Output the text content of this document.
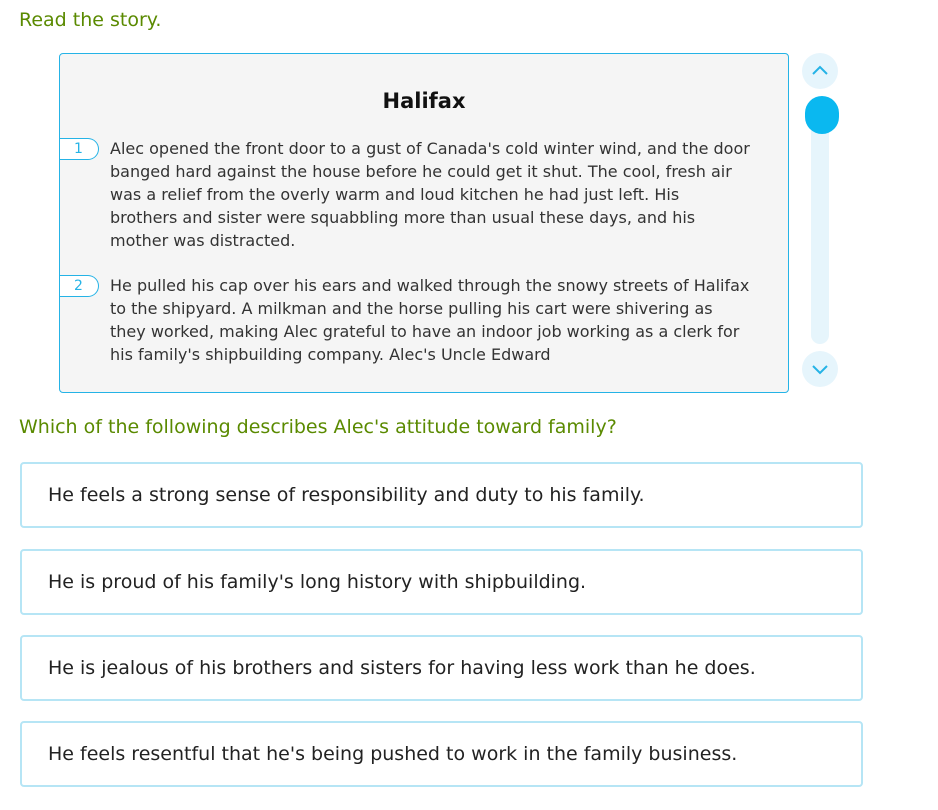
Read the story.
Halifax
1	Alec opened the front door to a gust of Canada's cold winter wind, and the door banged hard against the house before he could get it shut. The cool, fresh air was a relief from the overly warm and loud kitchen he had just left. His brothers and sister were squabbling more than usual these days, and his mother was distracted.
2	He pulled his cap over his ears and walked through the snowy streets of Halifax to the shipyard. A milkman and the horse pulling his cart were shivering as they worked, making Alec grateful to have an indoor job working as a clerk for his family's shipbuilding company. Alec's Uncle Edward
Which of the following describes Alec's attitude toward family?
He feels a strong sense of responsibility and duty to his family.
He is proud of his family's long history with shipbuilding.
He is jealous of his brothers and sisters for having less work than he does.
He feels resentful that he's being pushed to work in the family business.
